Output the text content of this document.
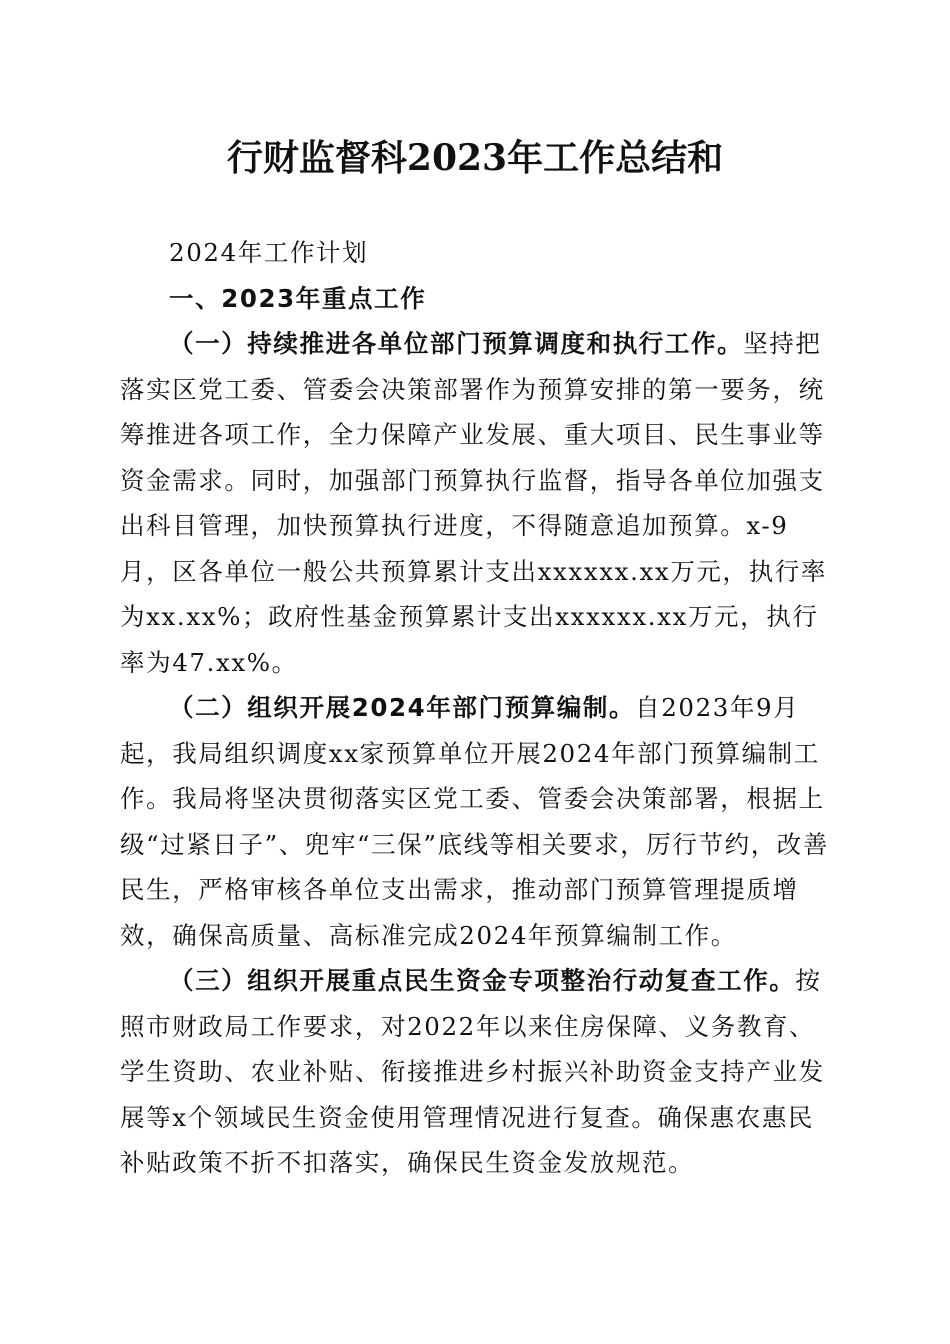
行财监督科2023年工作总结和

2024年工作计划

一、2023年重点工作

（一）持续推进各单位部门预算调度和执行工作。坚持把落实区党工委、管委会决策部署作为预算安排的第一要务，统筹推进各项工作，全力保障产业发展、重大项目、民生事业等资金需求。同时，加强部门预算执行监督，指导各单位加强支出科目管理，加快预算执行进度，不得随意追加预算。x-9月，区各单位一般公共预算累计支出xxxxxx.xx万元，执行率为xx.xx%；政府性基金预算累计支出xxxxxx.xx万元，执行率为47.xx%。

（二）组织开展2024年部门预算编制。自2023年9月起，我局组织调度xx家预算单位开展2024年部门预算编制工作。我局将坚决贯彻落实区党工委、管委会决策部署，根据上级“过紧日子”、兜牢“三保”底线等相关要求，厉行节约，改善民生，严格审核各单位支出需求，推动部门预算管理提质增效，确保高质量、高标准完成2024年预算编制工作。

（三）组织开展重点民生资金专项整治行动复查工作。按照市财政局工作要求，对2022年以来住房保障、义务教育、学生资助、农业补贴、衔接推进乡村振兴补助资金支持产业发展等x个领域民生资金使用管理情况进行复查。确保惠农惠民补贴政策不折不扣落实，确保民生资金发放规范。
